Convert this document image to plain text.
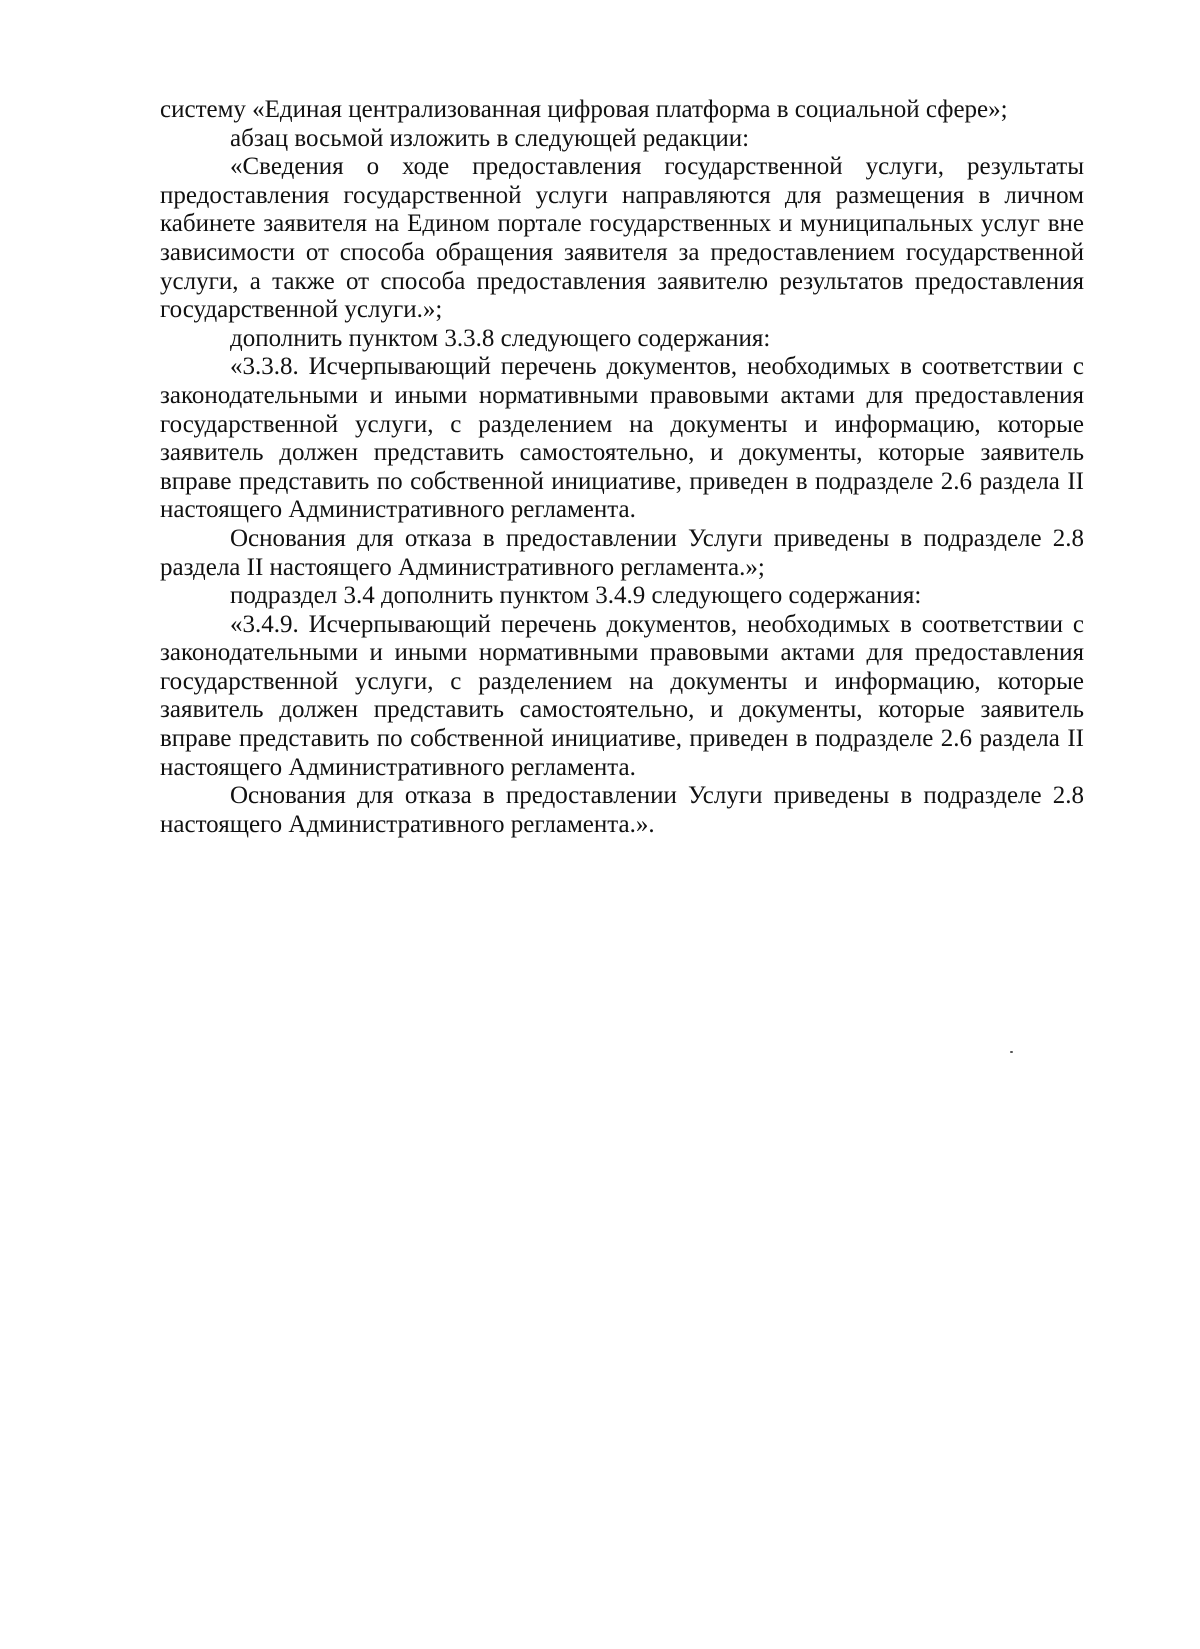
систему «Единая централизованная цифровая платформа в социальной сфере»;

абзац восьмой изложить в следующей редакции:

«Сведения о ходе предоставления государственной услуги, результаты предоставления государственной услуги направляются для размещения в личном кабинете заявителя на Едином портале государственных и муниципальных услуг вне зависимости от способа обращения заявителя за предоставлением государственной услуги, а также от способа предоставления заявителю результатов предоставления государственной услуги.»;

дополнить пунктом 3.3.8 следующего содержания:

«3.3.8. Исчерпывающий перечень документов, необходимых в соответствии с законодательными и иными нормативными правовыми актами для предоставления государственной услуги, с разделением на документы и информацию, которые заявитель должен представить самостоятельно, и документы, которые заявитель вправе представить по собственной инициативе, приведен в подразделе 2.6 раздела II настоящего Административного регламента.

Основания для отказа в предоставлении Услуги приведены в подразделе 2.8 раздела II настоящего Административного регламента.»;

подраздел 3.4 дополнить пунктом 3.4.9 следующего содержания:

«3.4.9. Исчерпывающий перечень документов, необходимых в соответствии с законодательными и иными нормативными правовыми актами для предоставления государственной услуги, с разделением на документы и информацию, которые заявитель должен представить самостоятельно, и документы, которые заявитель вправе представить по собственной инициативе, приведен в подразделе 2.6 раздела II настоящего Административного регламента.

Основания для отказа в предоставлении Услуги приведены в подразделе 2.8 настоящего Административного регламента.».
